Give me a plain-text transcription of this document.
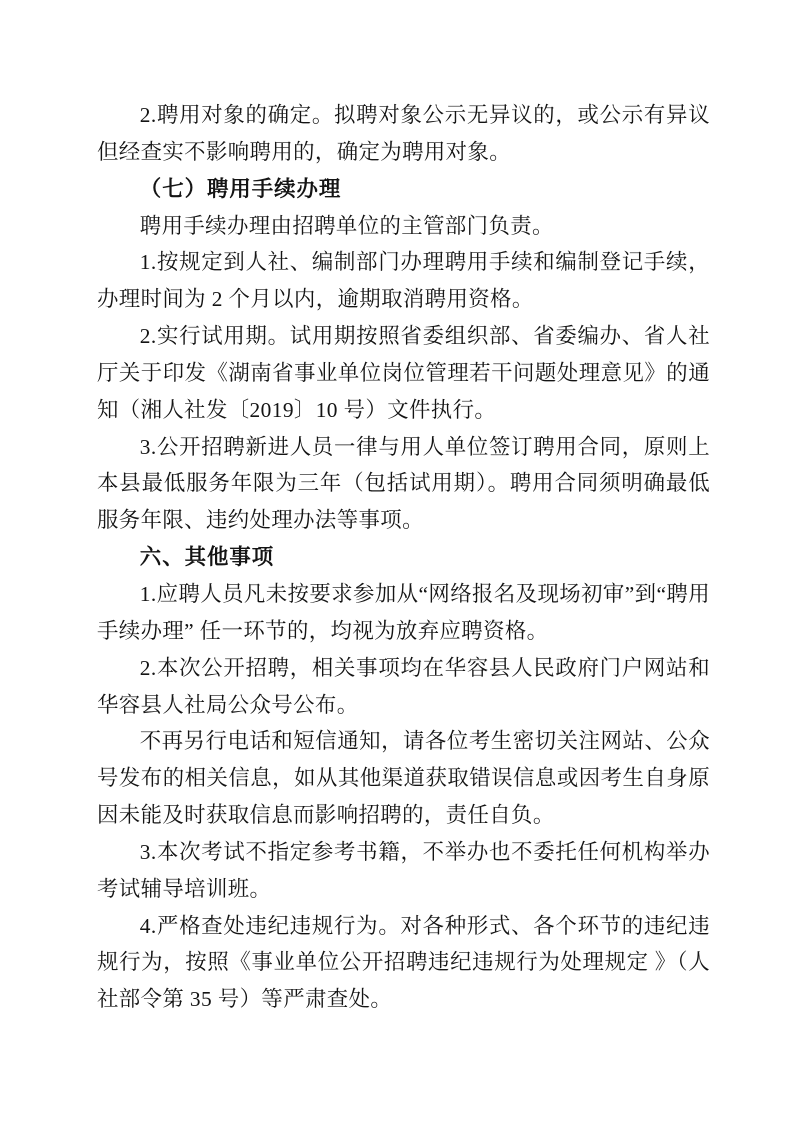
2.聘用对象的确定。拟聘对象公示无异议的，或公示有异议但经查实不影响聘用的，确定为聘用对象。

（七）聘用手续办理

聘用手续办理由招聘单位的主管部门负责。

1.按规定到人社、编制部门办理聘用手续和编制登记手续，办理时间为 2 个月以内，逾期取消聘用资格。

2.实行试用期。试用期按照省委组织部、省委编办、省人社厅关于印发《湖南省事业单位岗位管理若干问题处理意见》的通知（湘人社发〔2019〕10 号）文件执行。

3.公开招聘新进人员一律与用人单位签订聘用合同，原则上本县最低服务年限为三年（包括试用期）。聘用合同须明确最低服务年限、违约处理办法等事项。

六、其他事项

1.应聘人员凡未按要求参加从“网络报名及现场初审”到“聘用手续办理” 任一环节的，均视为放弃应聘资格。

2.本次公开招聘，相关事项均在华容县人民政府门户网站和华容县人社局公众号公布。

不再另行电话和短信通知，请各位考生密切关注网站、公众号发布的相关信息，如从其他渠道获取错误信息或因考生自身原因未能及时获取信息而影响招聘的，责任自负。

3.本次考试不指定参考书籍，不举办也不委托任何机构举办考试辅导培训班。

4.严格查处违纪违规行为。对各种形式、各个环节的违纪违规行为，按照《事业单位公开招聘违纪违规行为处理规定 》（人社部令第 35 号）等严肃查处。
